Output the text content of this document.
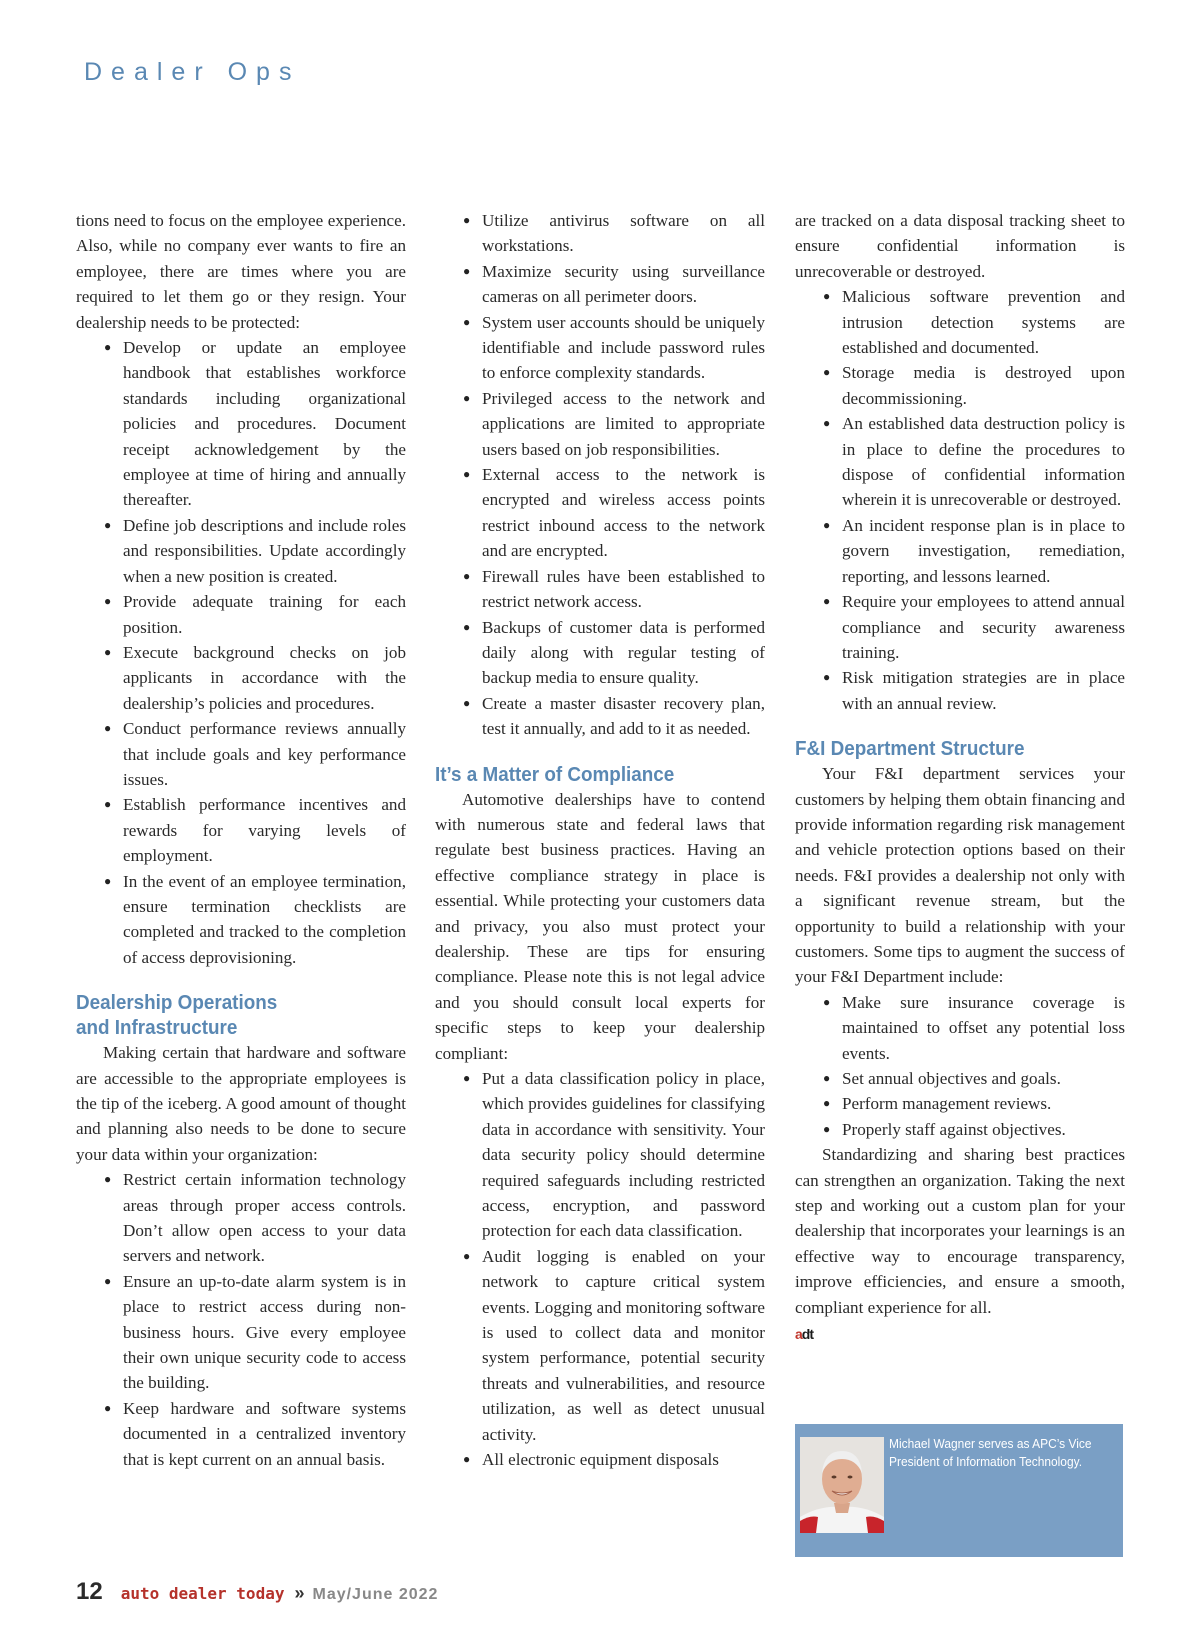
Dealer Ops

tions need to focus on the employee experience. Also, while no company ever wants to fire an employee, there are times where you are required to let them go or they resign. Your dealership needs to be protected:

● Develop or update an employee handbook that establishes workforce standards including organizational policies and procedures. Document receipt acknowledgement by the employee at time of hiring and annually thereafter.
● Define job descriptions and include roles and responsibilities. Update accordingly when a new position is created.
● Provide adequate training for each position.
● Execute background checks on job applicants in accordance with the dealership’s policies and procedures.
● Conduct performance reviews annually that include goals and key performance issues.
● Establish performance incentives and rewards for varying levels of employment.
● In the event of an employee termination, ensure termination checklists are completed and tracked to the completion of access deprovisioning.
Dealership Operations
and Infrastructure

Making certain that hardware and software are accessible to the appropriate employees is the tip of the iceberg. A good amount of thought and planning also needs to be done to secure your data within your organization:

● Restrict certain information technology areas through proper access controls. Don’t allow open access to your data servers and network.
● Ensure an up-to-date alarm system is in place to restrict access during non-business hours. Give every employee their own unique security code to access the building.
● Keep hardware and software systems documented in a centralized inventory that is kept current on an annual basis.
● Utilize antivirus software on all workstations.
● Maximize security using surveillance cameras on all perimeter doors.
● System user accounts should be uniquely identifiable and include password rules to enforce complexity standards.
● Privileged access to the network and applications are limited to appropriate users based on job responsibilities.
● External access to the network is encrypted and wireless access points restrict inbound access to the network and are encrypted.
● Firewall rules have been established to restrict network access.
● Backups of customer data is performed daily along with regular testing of backup media to ensure quality.
● Create a master disaster recovery plan, test it annually, and add to it as needed.
It’s a Matter of Compliance

Automotive dealerships have to contend with numerous state and federal laws that regulate best business practices. Having an effective compliance strategy in place is essential. While protecting your customers data and privacy, you also must protect your dealership. These are tips for ensuring compliance. Please note this is not legal advice and you should consult local experts for specific steps to keep your dealership compliant:

● Put a data classification policy in place, which provides guidelines for classifying data in accordance with sensitivity. Your data security policy should determine required safeguards including restricted access, encryption, and password protection for each data classification.
● Audit logging is enabled on your network to capture critical system events. Logging and monitoring software is used to collect data and monitor system performance, potential security threats and vulnerabilities, and resource utilization, as well as detect unusual activity.
● All electronic equipment disposals
are tracked on a data disposal tracking sheet to ensure confidential information is unrecoverable or destroyed.
● Malicious software prevention and intrusion detection systems are established and documented.
● Storage media is destroyed upon decommissioning.
● An established data destruction policy is in place to define the procedures to dispose of confidential information wherein it is unrecoverable or destroyed.
● An incident response plan is in place to govern investigation, remediation, reporting, and lessons learned.
● Require your employees to attend annual compliance and security awareness training.
● Risk mitigation strategies are in place with an annual review.
F&I Department Structure

Your F&I department services your customers by helping them obtain financing and provide information regarding risk management and vehicle protection options based on their needs. F&I provides a dealership not only with a significant revenue stream, but the opportunity to build a relationship with your customers. Some tips to augment the success of your F&I Department include:

● Make sure insurance coverage is maintained to offset any potential loss events.
● Set annual objectives and goals.
● Perform management reviews.
● Properly staff against objectives.

Standardizing and sharing best practices can strengthen an organization. Taking the next step and working out a custom plan for your dealership that incorporates your learnings is an effective way to encourage transparency, improve efficiencies, and ensure a smooth, compliant experience for all.

adt
Michael Wagner serves as APC’s Vice President of Information Technology.
12 auto dealer today » May/June 2022
